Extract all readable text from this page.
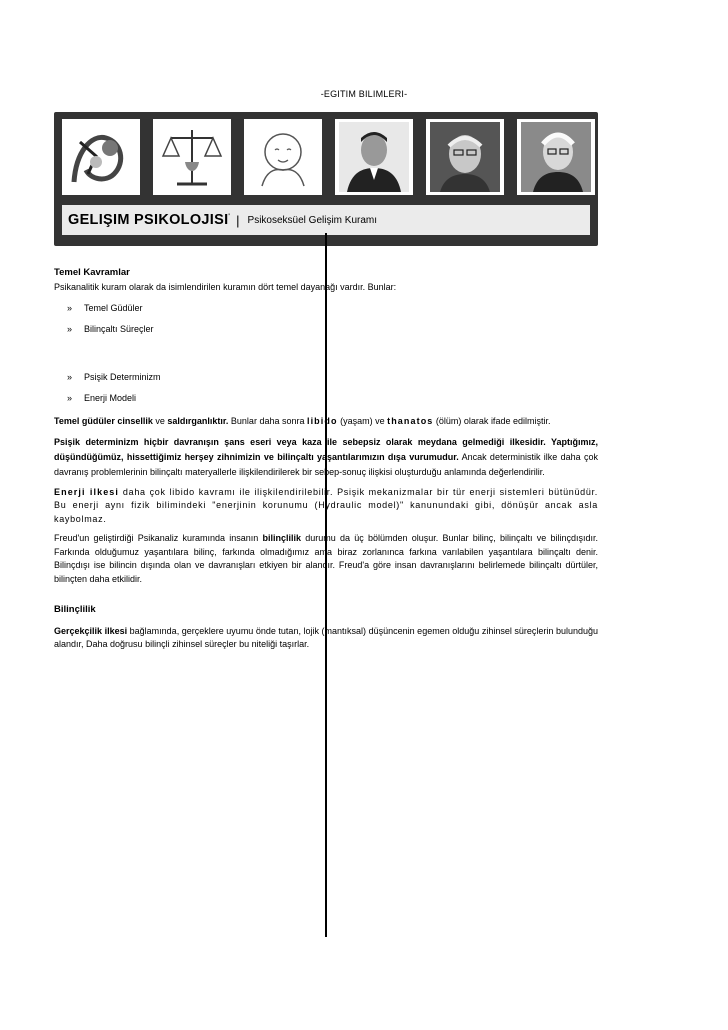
-EGITIM BILIMLERI-
GELIŞIM PSIKOLOJISI' | Psikoseksüel Gelişim Kuramı
Temel Kavramlar

Psikanalitik kuram olarak da isimlendirilen kuramın dört temel dayanağı vardır. Bunlar:

»	Temel Güdüler
»	Bilinçaltı Süreçler
»	Psişik Determinizm
»	Enerji Modeli

Temel güdüler cinsellik ve saldırganlıktır. Bunlar daha sonra libido (yaşam) ve thanatos (ölüm) olarak ifade edilmiştir.

Psişik determinizm hiçbir davranışın şans eseri veya kaza ile sebepsiz olarak meydana gelmediği ilkesidir. Yaptığımız, düşündüğümüz, hissettiğimiz herşey zihnimizin ve bilinçaltı yaşantılarımızın dışa vurumudur. Ancak deterministik ilke daha çok davranış problemlerinin bilinçaltı materyallerle ilişkilendirilerek bir sebep-sonuç ilişkisi oluşturduğu anlamında değerlendirilir.

Enerji ilkesi daha çok libido kavramı ile ilişkilendirilebilir. Psişik mekanizmalar bir tür enerji sistemleri bütünüdür. Bu enerji aynı fizik bilimindeki "enerjinin korunumu (Hydraulic model)" kanunundaki gibi, dönüşür ancak asla kaybolmaz.

Freud'un geliştirdiği Psikanaliz kuramında insanın bilinçlilik durumu da üç bölümden oluşur. Bunlar bilinç, bilinçaltı ve bilinçdışıdır. Farkında olduğumuz yaşantılara bilinç, farkında olmadığımız ama biraz zorlanınca farkına varılabilen yaşantılara bilinçaltı denir. Bilinçdışı ise bilincin dışında olan ve davranışları etkiyen bir alandır. Freud'a göre insan davranışlarını belirlemede bilinçaltı dürtüler, bilinçten daha etkilidir.

Bilinçlilik

Gerçekçilik ilkesi bağlamında, gerçeklere uyumu önde tutan, lojik (mantıksal) düşüncenin egemen olduğu zihinsel süreçlerin bulunduğu alandır, Daha doğrusu bilinçli zihinsel süreçler bu niteliği taşırlar.
